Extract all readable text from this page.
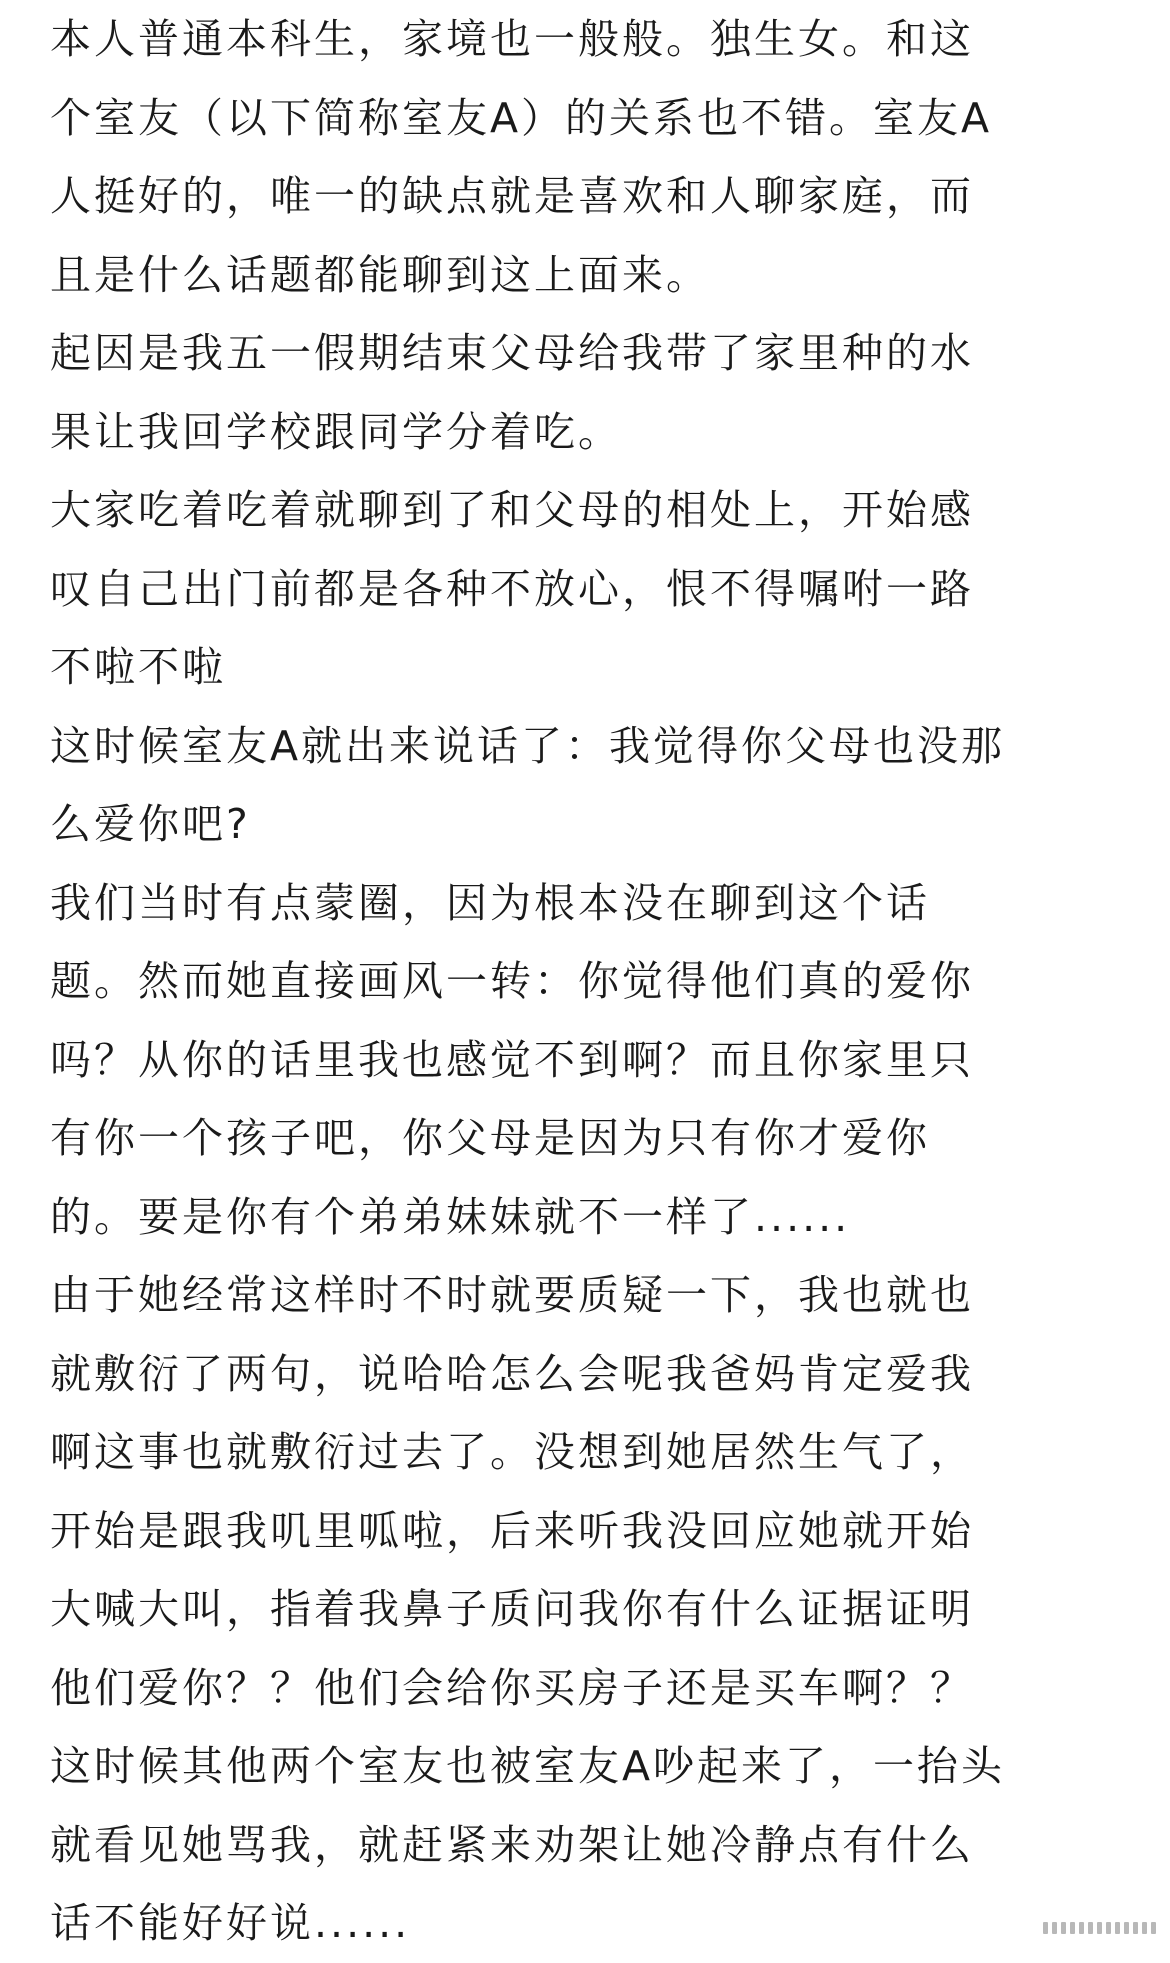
本人普通本科生，家境也一般般。独生女。和这
个室友（以下简称室友A）的关系也不错。室友A
人挺好的，唯一的缺点就是喜欢和人聊家庭，而
且是什么话题都能聊到这上面来。
起因是我五一假期结束父母给我带了家里种的水
果让我回学校跟同学分着吃。
大家吃着吃着就聊到了和父母的相处上，开始感
叹自己出门前都是各种不放心，恨不得嘱咐一路
不啦不啦
这时候室友A就出来说话了：我觉得你父母也没那
么爱你吧?
我们当时有点蒙圈，因为根本没在聊到这个话
题。然而她直接画风一转：你觉得他们真的爱你
吗？从你的话里我也感觉不到啊？而且你家里只
有你一个孩子吧，你父母是因为只有你才爱你
的。要是你有个弟弟妹妹就不一样了......
由于她经常这样时不时就要质疑一下，我也就也
就敷衍了两句，说哈哈怎么会呢我爸妈肯定爱我
啊这事也就敷衍过去了。没想到她居然生气了，
开始是跟我叽里呱啦，后来听我没回应她就开始
大喊大叫，指着我鼻子质问我你有什么证据证明
他们爱你？？他们会给你买房子还是买车啊？？
这时候其他两个室友也被室友A吵起来了，一抬头
就看见她骂我，就赶紧来劝架让她冷静点有什么
话不能好好说......
